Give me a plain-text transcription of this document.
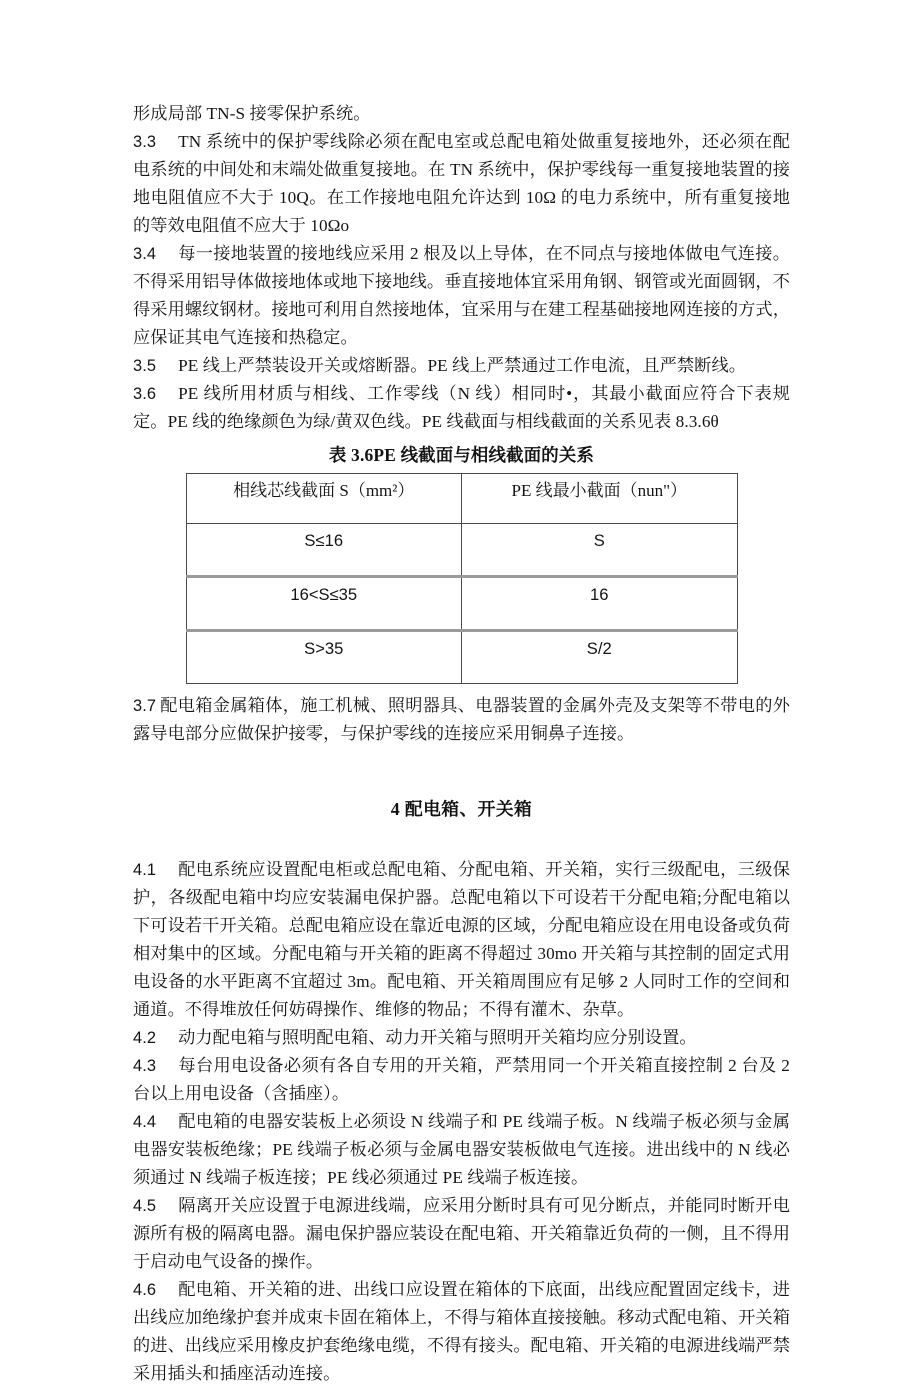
形成局部 TN-S 接零保护系统。

3.3 TN 系统中的保护零线除必须在配电室或总配电箱处做重复接地外，还必须在配电系统的中间处和末端处做重复接地。在 TN 系统中，保护零线每一重复接地装置的接地电阻值应不大于 10Q。在工作接地电阻允许达到 10Ω 的电力系统中，所有重复接地的等效电阻值不应大于 10Ωo

3.4 每一接地装置的接地线应采用 2 根及以上导体，在不同点与接地体做电气连接。不得采用铝导体做接地体或地下接地线。垂直接地体宜采用角钢、钢管或光面圆钢，不得采用螺纹钢材。接地可利用自然接地体，宜采用与在建工程基础接地网连接的方式，应保证其电气连接和热稳定。

3.5 PE 线上严禁装设开关或熔断器。PE 线上严禁通过工作电流，且严禁断线。

3.6 PE 线所用材质与相线、工作零线（N 线）相同时•，其最小截面应符合下表规定。PE 线的绝缘颜色为绿/黄双色线。PE 线截面与相线截面的关系见表 8.3.6θ

表 3.6PE 线截面与相线截面的关系
相线芯线截面 S（mm²）	PE 线最小截面（nun"）
S≤16	S
16<S≤35	16
S>35	S/2

3.7 配电箱金属箱体，施工机械、照明器具、电器装置的金属外壳及支架等不带电的外露导电部分应做保护接零，与保护零线的连接应采用铜鼻子连接。

4 配电箱、开关箱

4.1 配电系统应设置配电柜或总配电箱、分配电箱、开关箱，实行三级配电，三级保护，各级配电箱中均应安装漏电保护器。总配电箱以下可设若干分配电箱;分配电箱以下可设若干开关箱。总配电箱应设在靠近电源的区域，分配电箱应设在用电设备或负荷相对集中的区域。分配电箱与开关箱的距离不得超过 30mo 开关箱与其控制的固定式用电设备的水平距离不宜超过 3m。配电箱、开关箱周围应有足够 2 人同时工作的空间和通道。不得堆放任何妨碍操作、维修的物品；不得有灌木、杂草。

4.2 动力配电箱与照明配电箱、动力开关箱与照明开关箱均应分别设置。

4.3 每台用电设备必须有各自专用的开关箱，严禁用同一个开关箱直接控制 2 台及 2 台以上用电设备（含插座）。

4.4 配电箱的电器安装板上必须设 N 线端子和 PE 线端子板。N 线端子板必须与金属电器安装板绝缘；PE 线端子板必须与金属电器安装板做电气连接。进出线中的 N 线必须通过 N 线端子板连接；PE 线必须通过 PE 线端子板连接。

4.5 隔离开关应设置于电源进线端，应采用分断时具有可见分断点，并能同时断开电源所有极的隔离电器。漏电保护器应装设在配电箱、开关箱靠近负荷的一侧，且不得用于启动电气设备的操作。

4.6 配电箱、开关箱的进、出线口应设置在箱体的下底面，出线应配置固定线卡，进出线应加绝缘护套并成束卡固在箱体上，不得与箱体直接接触。移动式配电箱、开关箱的进、出线应采用橡皮护套绝缘电缆，不得有接头。配电箱、开关箱的电源进线端严禁采用插头和插座活动连接。
